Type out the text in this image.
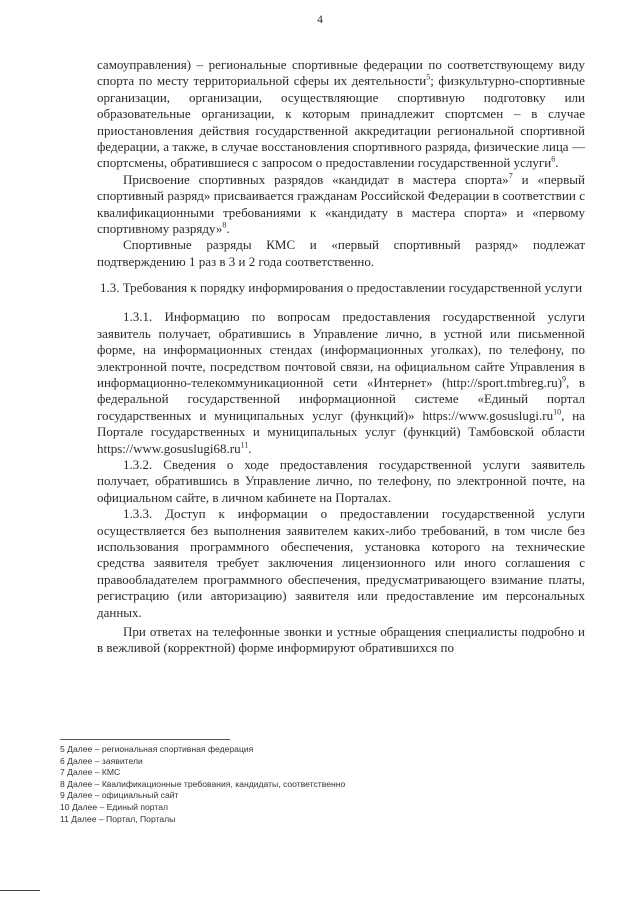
4

самоуправления) – региональные спортивные федерации по соответствующему виду спорта по месту территориальной сферы их деятельности$^5$; физкультурно-спортивные организации, организации, осуществляющие спортивную подготовку или образовательные организации, к которым принадлежит спортсмен – в случае приостановления действия государственной аккредитации региональной спортивной федерации, а также, в случае восстановления спортивного разряда, физические лица — спортсмены, обратившиеся с запросом о предоставлении государственной услуги$^6$.

Присвоение спортивных разрядов «кандидат в мастера спорта»$^7$ и «первый спортивный разряд» присваивается гражданам Российской Федерации в соответствии с квалификационными требованиями к «кандидату в мастера спорта» и «первому спортивному разряду»$^8$.

Спортивные разряды КМС и «первый спортивный разряд» подлежат подтверждению 1 раз в 3 и 2 года соответственно.

1.3. Требования к порядку информирования о предоставлении государственной услуги

1.3.1. Информацию по вопросам предоставления государственной услуги заявитель получает, обратившись в Управление лично, в устной или письменной форме, на информационных стендах (информационных уголках), по телефону, по электронной почте, посредством почтовой связи, на официальном сайте Управления в информационно-телекоммуникационной сети «Интернет» (http://sport.tmbreg.ru)$^9$, в федеральной государственной информационной системе «Единый портал государственных и муниципальных услуг (функций)» $https://www.gosuslugi.ru^{10}$, на Портале государственных и муниципальных услуг (функций) Тамбовской области $https://www.gosuslugi68.ru^{11}$.

1.3.2. Сведения о ходе предоставления государственной услуги заявитель получает, обратившись в Управление лично, по телефону, по электронной почте, на официальном сайте, в личном кабинете на Порталах.

1.3.3. Доступ к информации о предоставлении государственной услуги осуществляется без выполнения заявителем каких-либо требований, в том числе без использования программного обеспечения, установка которого на технические средства заявителя требует заключения лицензионного или иного соглашения с правообладателем программного обеспечения, предусматривающего взимание платы, регистрацию (или авторизацию) заявителя или предоставление им персональных данных.

При ответах на телефонные звонки и устные обращения специалисты подробно и в вежливой (корректной) форме информируют обратившихся по

5 Далее – региональная спортивная федерация
6 Далее – заявители
7 Далее – КМС
8 Далее – Квалификационные требования, кандидаты, соответственно
9 Далее – официальный сайт
10 Далее – Единый портал
11 Далее – Портал, Порталы
